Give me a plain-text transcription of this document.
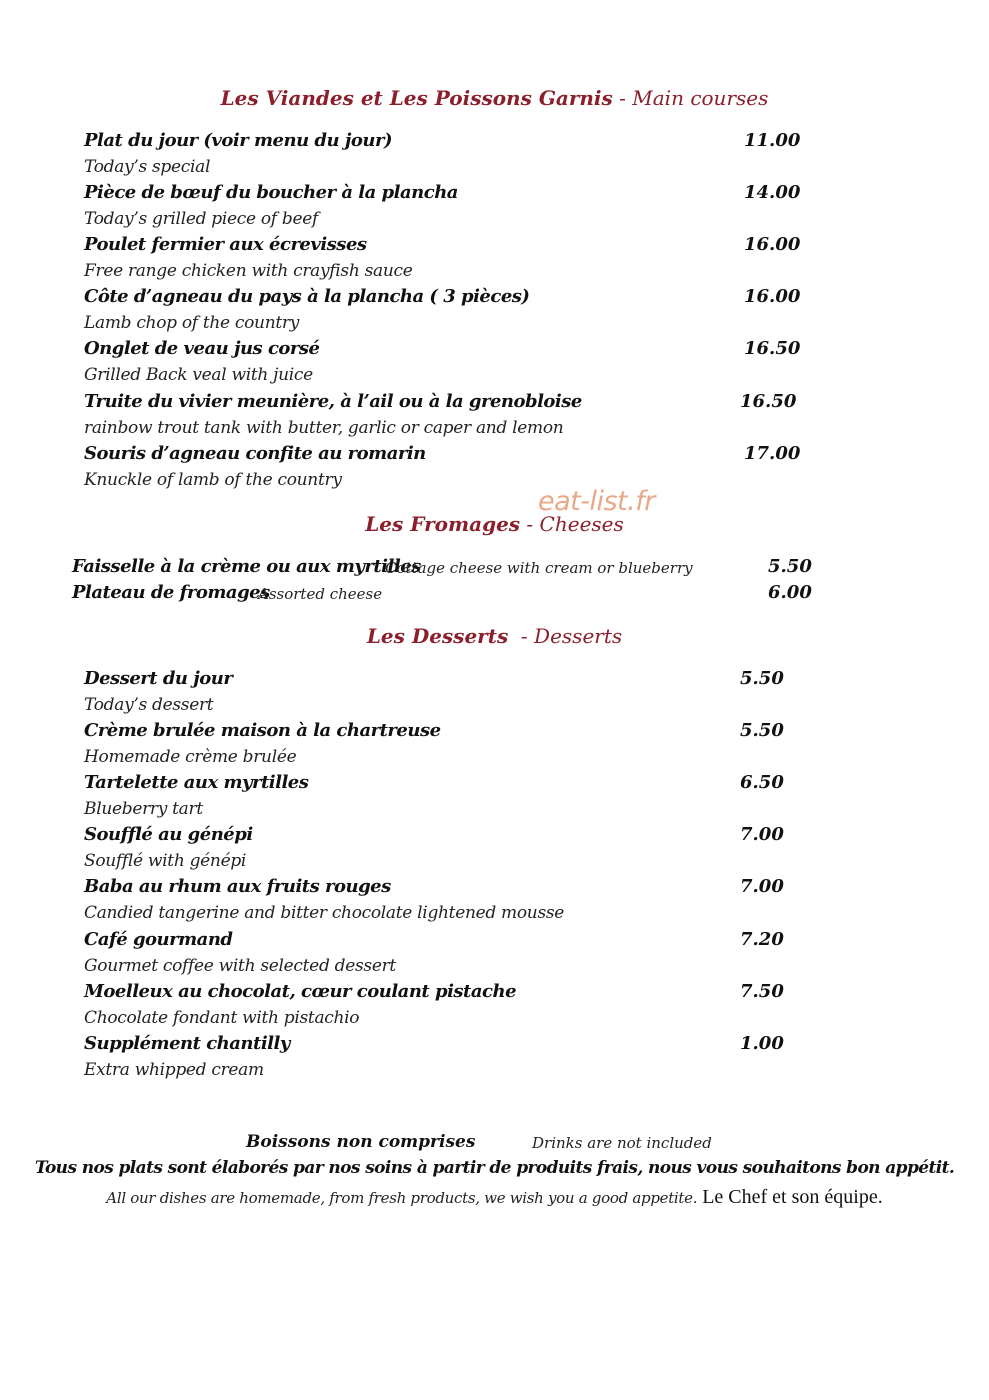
Les Viandes et Les Poissons Garnis - Main courses
Plat du jour (voir menu du jour)
Today’s special
11.00
Pièce de bœuf du boucher à la plancha
Today’s grilled piece of beef
14.00
Poulet fermier aux écrevisses
Free range chicken with crayfish sauce
16.00
Côte d’agneau du pays à la plancha ( 3 pièces)
Lamb chop of the country
16.00
Onglet de veau jus corsé
Grilled Back veal with juice
16.50
Truite du vivier meunière, à l’ail ou à la grenobloise
rainbow trout tank with butter, garlic or caper and lemon
16.50
Souris d’agneau confite au romarin
Knuckle of lamb of the country
17.00
eat-list.fr
Les Fromages - Cheeses
Faisselle à la crème ou aux myrtilles
Cottage cheese with cream or blueberry	5.50
Plateau de fromages
Assorted cheese	6.00
Les Desserts  - Desserts
Dessert du jour
Today’s dessert
5.50
Crème brulée maison à la chartreuse
Homemade crème brulée
5.50
Tartelette aux myrtilles
Blueberry tart
6.50
Soufflé au génépi
Soufflé with génépi
7.00
Baba au rhum aux fruits rouges
Candied tangerine and bitter chocolate lightened mousse
7.00
Café gourmand
Gourmet coffee with selected dessert
7.20
Moelleux au chocolat, cœur coulant pistache
Chocolate fondant with pistachio
7.50
Supplément chantilly
Extra whipped cream
1.00
Boissons non comprises	Drinks are not included
Tous nos plats sont élaborés par nos soins à partir de produits frais, nous vous souhaitons bon appétit.
All our dishes are homemade, from fresh products, we wish you a good appetite. Le Chef et son équipe.
